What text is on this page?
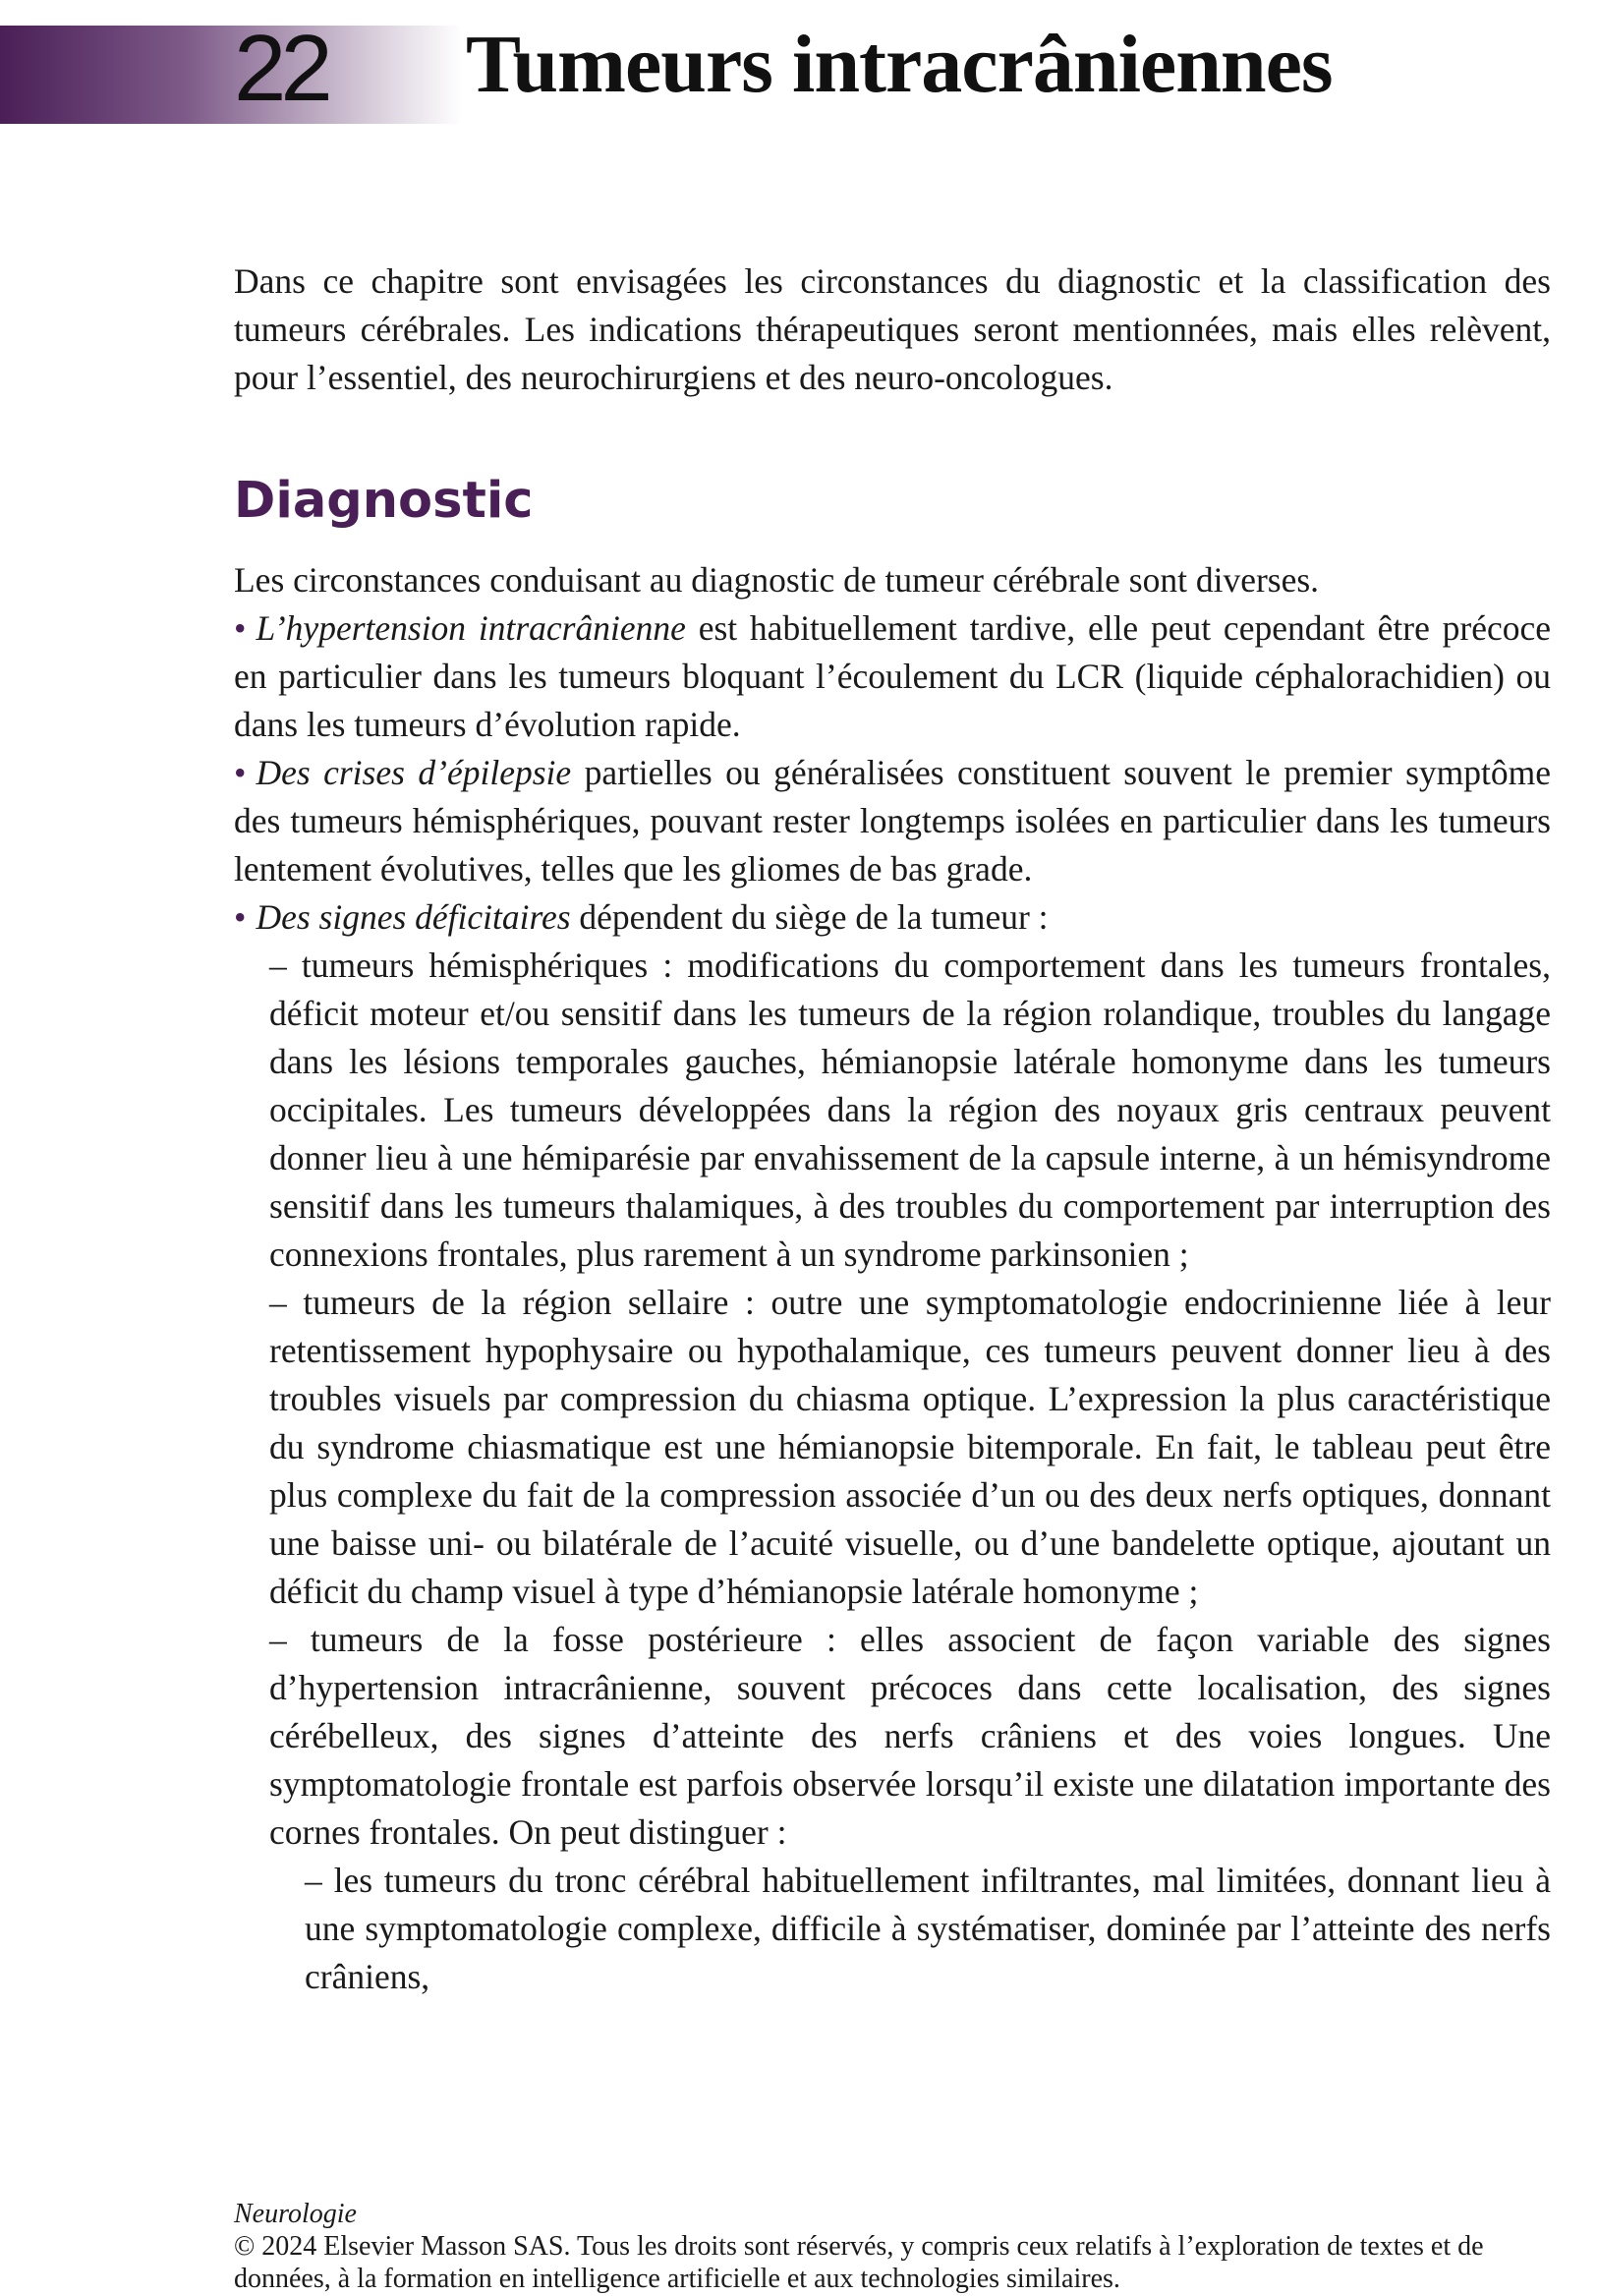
22 Tumeurs intracrâniennes

Dans ce chapitre sont envisagées les circonstances du diagnostic et la classification des tumeurs cérébrales. Les indications thérapeutiques seront mentionnées, mais elles relèvent, pour l’essentiel, des neurochirurgiens et des neuro-oncologues.

Diagnostic

Les circonstances conduisant au diagnostic de tumeur cérébrale sont diverses.

• L’hypertension intracrânienne est habituellement tardive, elle peut cependant être précoce en particulier dans les tumeurs bloquant l’écoulement du LCR (liquide céphalorachidien) ou dans les tumeurs d’évolution rapide.

• Des crises d’épilepsie partielles ou généralisées constituent souvent le premier symptôme des tumeurs hémisphériques, pouvant rester longtemps isolées en particulier dans les tumeurs lentement évolutives, telles que les gliomes de bas grade.

• Des signes déficitaires dépendent du siège de la tumeur :

– tumeurs hémisphériques : modifications du comportement dans les tumeurs frontales, déficit moteur et/ou sensitif dans les tumeurs de la région rolandique, troubles du langage dans les lésions temporales gauches, hémianopsie latérale homonyme dans les tumeurs occipitales. Les tumeurs développées dans la région des noyaux gris centraux peuvent donner lieu à une hémiparésie par envahissement de la capsule interne, à un hémisyndrome sensitif dans les tumeurs thalamiques, à des troubles du comportement par interruption des connexions frontales, plus rarement à un syndrome parkinsonien ;

– tumeurs de la région sellaire : outre une symptomatologie endocrinienne liée à leur retentissement hypophysaire ou hypothalamique, ces tumeurs peuvent donner lieu à des troubles visuels par compression du chiasma optique. L’expression la plus caractéristique du syndrome chiasmatique est une hémianopsie bitemporale. En fait, le tableau peut être plus complexe du fait de la compression associée d’un ou des deux nerfs optiques, donnant une baisse uni- ou bilatérale de l’acuité visuelle, ou d’une bandelette optique, ajoutant un déficit du champ visuel à type d’hémianopsie latérale homonyme ;

– tumeurs de la fosse postérieure : elles associent de façon variable des signes d’hypertension intracrânienne, souvent précoces dans cette localisation, des signes cérébelleux, des signes d’atteinte des nerfs crâniens et des voies longues. Une symptomatologie frontale est parfois observée lorsqu’il existe une dilatation importante des cornes frontales. On peut distinguer :

– les tumeurs du tronc cérébral habituellement infiltrantes, mal limitées, donnant lieu à une symptomatologie complexe, difficile à systématiser, dominée par l’atteinte des nerfs crâniens,

Neurologie
© 2024 Elsevier Masson SAS. Tous les droits sont réservés, y compris ceux relatifs à l’exploration de textes et de données, à la formation en intelligence artificielle et aux technologies similaires.
